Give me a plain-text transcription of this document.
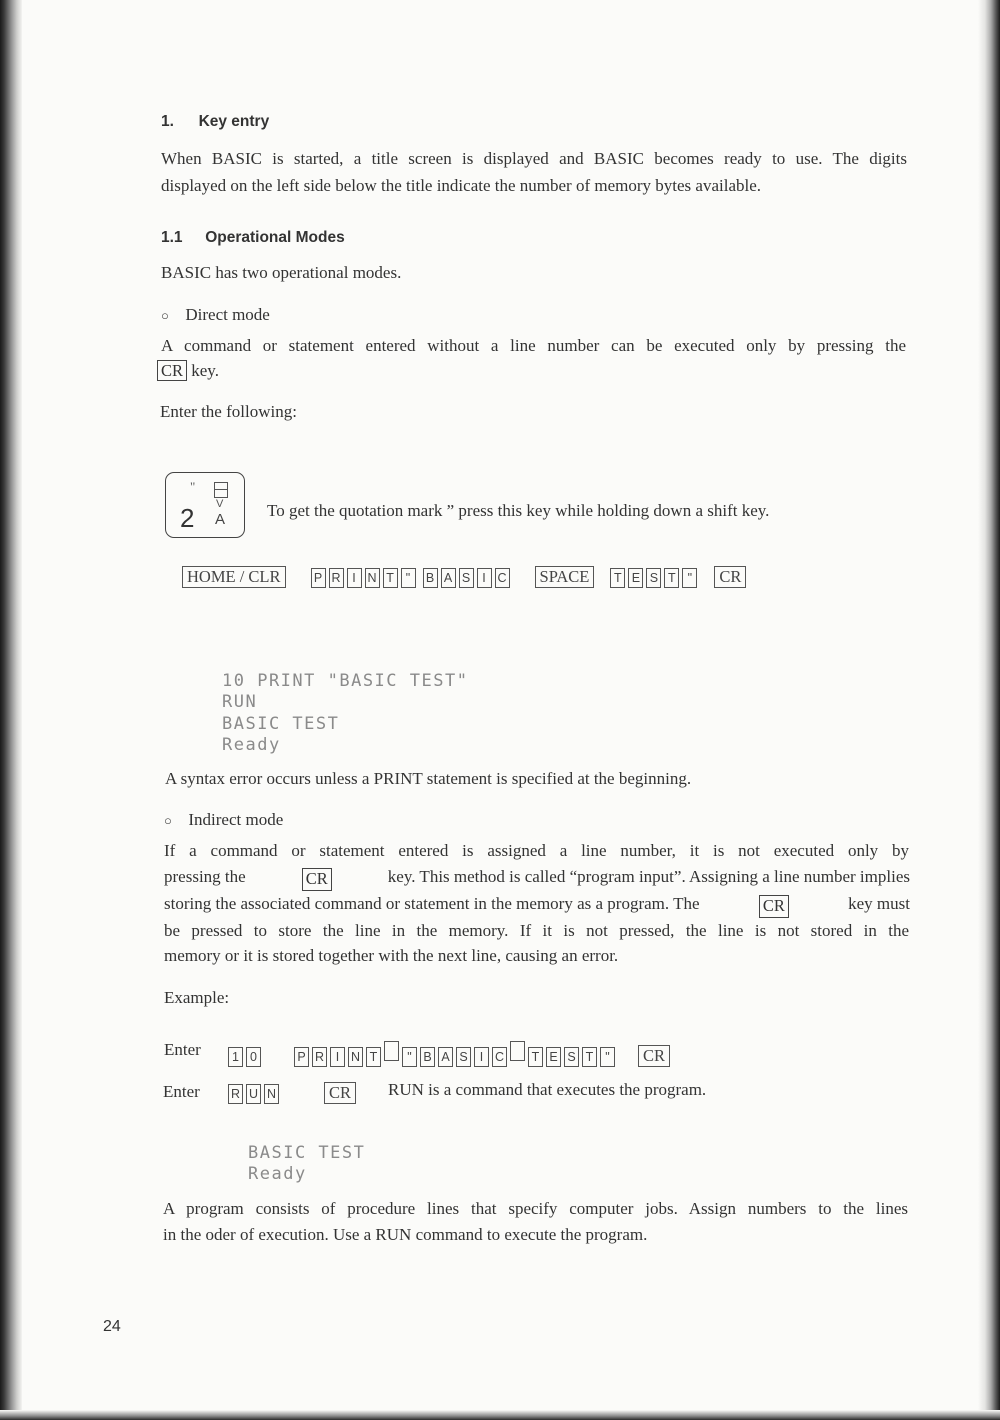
1. Key entry
When BASIC is started, a title screen is displayed and BASIC becomes ready to use. The digits
displayed on the left side below the title indicate the number of memory bytes available.
1.1 Operational Modes
BASIC has two operational modes.
○ Direct mode
A command or statement entered without a line number can be executed only by pressing the
CR key.
Enter the following:
"
2 V
A To get the quotation mark ” press this key while holding down a shift key.
HOME / CLR	P R I N T " B A S I C SPACE T E S T " CR

10 PRINT "BASIC TEST"
RUN
BASIC TEST
Ready
A syntax error occurs unless a PRINT statement is specified at the beginning.
○ Indirect mode
If a command or statement entered is assigned a line number, it is not executed only by
pressing the	CR	key. This method is called “program input”. Assigning a line number implies
storing the associated command or statement in the memory as a program. The	CR	key must
be pressed to store the line in the memory. If it is not pressed, the line is not stored in the
memory or it is stored together with the next line, causing an error.
Example:
Enter	1 0	P R I N T " B A S I C T E S T " CR
Enter R U N	CR	RUN is a command that executes the program.

BASIC TEST
Ready
A program consists of procedure lines that specify computer jobs. Assign numbers to the lines
in the oder of execution. Use a RUN command to execute the program.
24
